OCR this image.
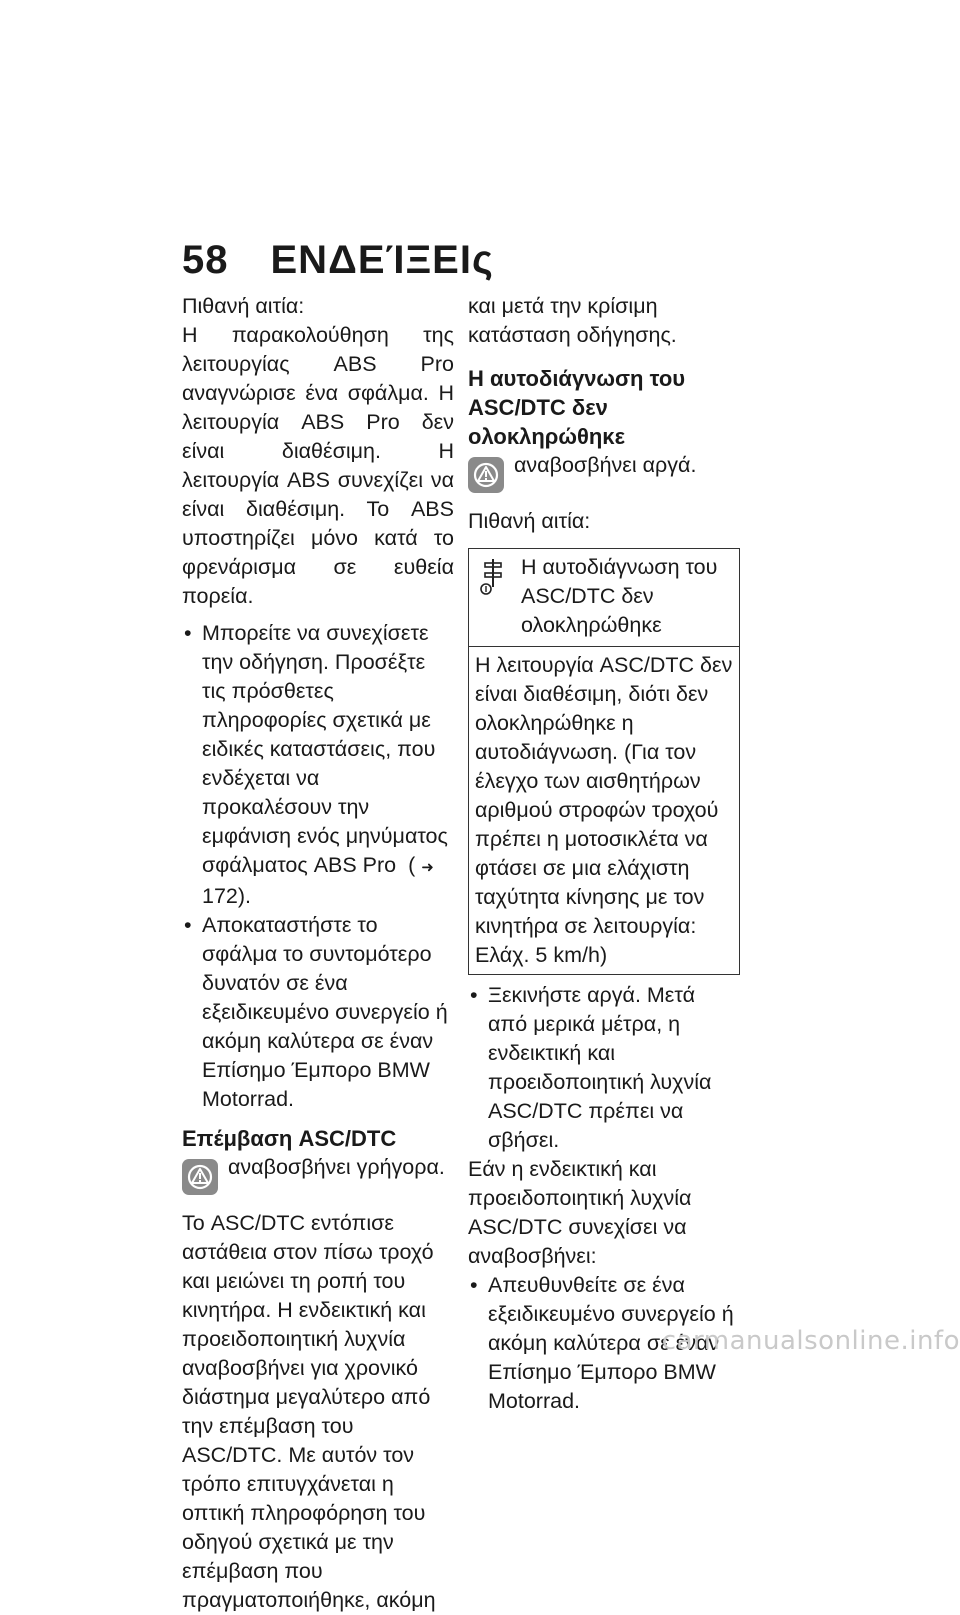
58 ΕΝΔΕΊΞΕΙς

Πιθανή αιτία:

Η παρακολούθηση της λειτουργίας ABS Pro αναγνώρισε ένα σφάλμα. Η λειτουργία ABS Pro δεν είναι διαθέσιμη. Η λειτουργία ABS συνεχίζει να είναι διαθέσιμη. Το ABS υποστηρίζει μόνο κατά το φρενάρισμα σε ευθεία πορεία.

• Μπορείτε να συνεχίσετε την οδήγηση. Προσέξτε τις πρόσθετες πληροφορίες σχετικά με ειδικές καταστάσεις, που ενδέχεται να προκαλέσουν την εμφάνιση ενός μηνύματος σφάλματος ABS Pro ( ➜172).
• Αποκαταστήστε το σφάλμα το συντομότερο δυνατόν σε ένα εξειδικευμένο συνεργείο ή ακόμη καλύτερα σε έναν Επίσημο Έμπορο BMW Motorrad.
Επέμβαση ASC/DTC
αναβοσβήνει γρήγορα.

Το ASC/DTC εντόπισε αστάθεια στον πίσω τροχό και μειώνει τη ροπή του κινητήρα. Η ενδεικτική και προειδοποιητική λυχνία αναβοσβήνει για χρονικό διάστημα μεγαλύτερο από την επέμβαση του ASC/DTC. Με αυτόν τον τρόπο επιτυγχάνεται η οπτική πληροφόρηση του οδηγού σχετικά με την επέμβαση που πραγματοποιήθηκε, ακόμη

και μετά την κρίσιμη κατάσταση οδήγησης.

Η αυτοδιάγνωση του ASC/DTC δεν ολοκληρώθηκε
αναβοσβήνει αργά.

Πιθανή αιτία:

Η αυτοδιάγνωση του ASC/DTC δεν ολοκληρώθηκε
Η λειτουργία ASC/DTC δεν είναι διαθέσιμη, διότι δεν ολοκληρώθηκε η αυτοδιάγνωση. (Για τον έλεγχο των αισθητήρων αριθμού στροφών τροχού πρέπει η μοτοσικλέτα να φτάσει σε μια ελάχιστη ταχύτητα κίνησης με τον κινητήρα σε λειτουργία: Ελάχ. 5 km/h)
• Ξεκινήστε αργά. Μετά από μερικά μέτρα, η ενδεικτική και προειδοποιητική λυχνία ASC/DTC πρέπει να σβήσει.

Εάν η ενδεικτική και προειδοποιητική λυχνία ASC/DTC συνεχίσει να αναβοσβήνει:

• Απευθυνθείτε σε ένα εξειδικευμένο συνεργείο ή ακόμη καλύτερα σε έναν Επίσημο Έμπορο BMW Motorrad.
carmanualsonline.info
